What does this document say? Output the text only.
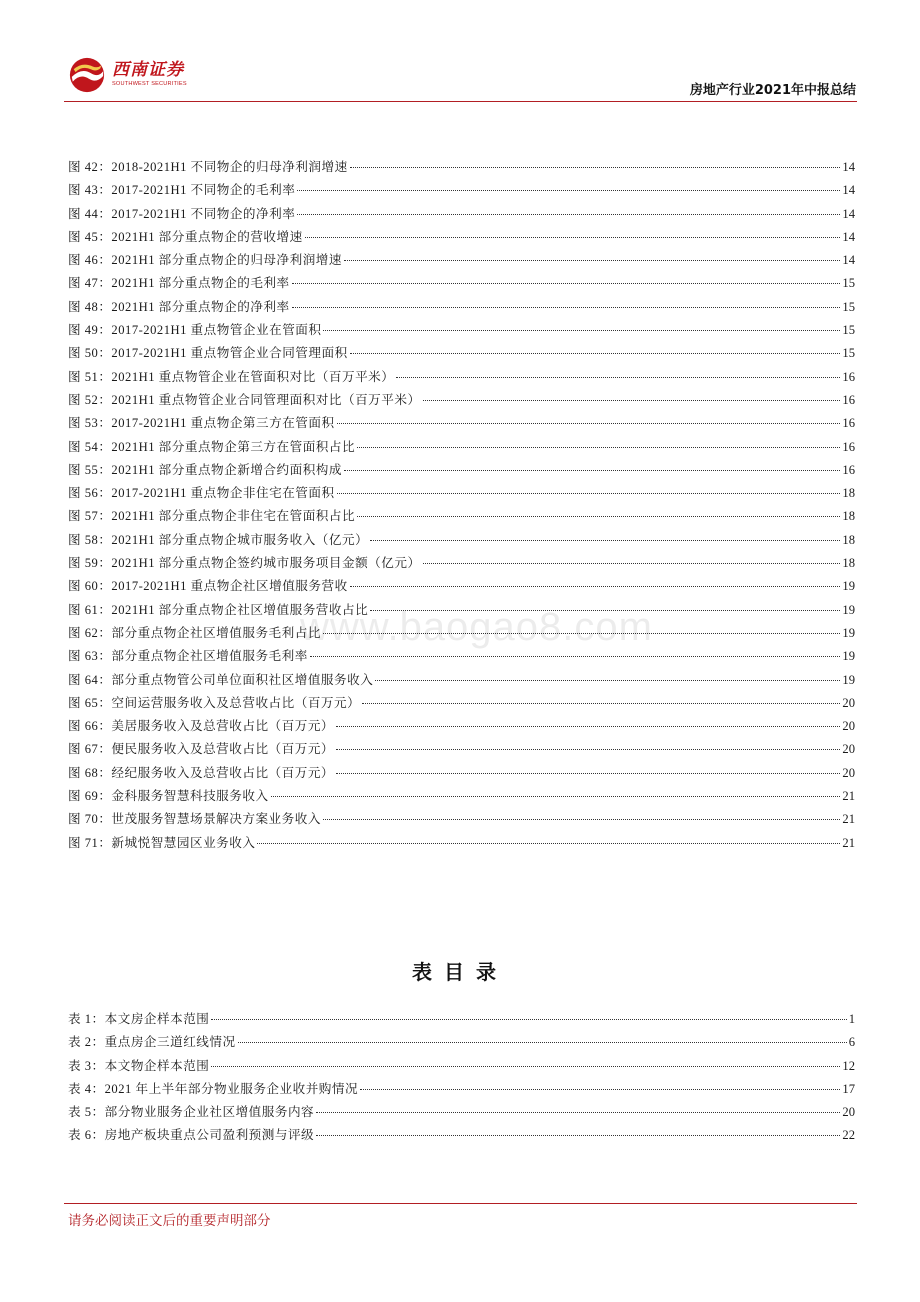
西南证券
SOUTHWEST SECURITIES	房地产行业2021年中报总结
图 42：2018-2021H1 不同物企的归母净利润增速	14
图 43：2017-2021H1 不同物企的毛利率	14
图 44：2017-2021H1 不同物企的净利率	14
图 45：2021H1 部分重点物企的营收增速	14
图 46：2021H1 部分重点物企的归母净利润增速	14
图 47：2021H1 部分重点物企的毛利率	15
图 48：2021H1 部分重点物企的净利率	15
图 49：2017-2021H1 重点物管企业在管面积	15
图 50：2017-2021H1 重点物管企业合同管理面积	15
图 51：2021H1 重点物管企业在管面积对比（百万平米）	16
图 52：2021H1 重点物管企业合同管理面积对比（百万平米）	16
图 53：2017-2021H1 重点物企第三方在管面积	16
图 54：2021H1 部分重点物企第三方在管面积占比	16
图 55：2021H1 部分重点物企新增合约面积构成	16
图 56：2017-2021H1 重点物企非住宅在管面积	18
图 57：2021H1 部分重点物企非住宅在管面积占比	18
图 58：2021H1 部分重点物企城市服务收入（亿元）	18
图 59：2021H1 部分重点物企签约城市服务项目金额（亿元）	18
图 60：2017-2021H1 重点物企社区增值服务营收	19
图 61：2021H1 部分重点物企社区增值服务营收占比	19
图 62：部分重点物企社区增值服务毛利占比	19
图 63：部分重点物企社区增值服务毛利率	19
图 64：部分重点物管公司单位面积社区增值服务收入	19
图 65：空间运营服务收入及总营收占比（百万元）	20
图 66：美居服务收入及总营收占比（百万元）	20
图 67：便民服务收入及总营收占比（百万元）	20
图 68：经纪服务收入及总营收占比（百万元）	20
图 69：金科服务智慧科技服务收入	21
图 70：世茂服务智慧场景解决方案业务收入	21
图 71：新城悦智慧园区业务收入	21
www.baogao8.com
表目录
表 1：本文房企样本范围	1
表 2：重点房企三道红线情况	6
表 3：本文物企样本范围	12
表 4：2021 年上半年部分物业服务企业收并购情况	17
表 5：部分物业服务企业社区增值服务内容	20
表 6：房地产板块重点公司盈利预测与评级	22
请务必阅读正文后的重要声明部分
